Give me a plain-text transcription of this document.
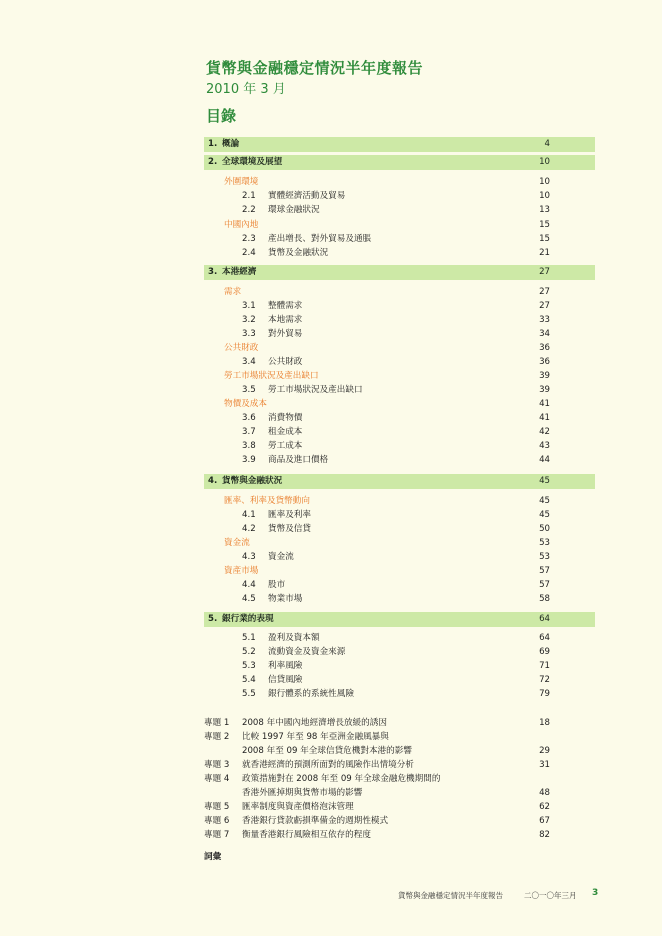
貨幣與金融穩定情況半年度報告
2010 年 3 月
目錄
1. 概論	4
2. 全球環境及展望	10
外圍環境	10
2.1 實體經濟活動及貿易	10
2.2 環球金融狀況	13
中國內地	15
2.3 產出增長、對外貿易及通脹	15
2.4 貨幣及金融狀況	21
3. 本港經濟	27
需求	27
3.1 整體需求	27
3.2 本地需求	33
3.3 對外貿易	34
公共財政	36
3.4 公共財政	36
勞工市場狀況及產出缺口	39
3.5 勞工市場狀況及產出缺口	39
物價及成本	41
3.6 消費物價	41
3.7 租金成本	42
3.8 勞工成本	43
3.9 商品及進口價格	44
4. 貨幣與金融狀況	45
匯率、利率及貨幣動向	45
4.1 匯率及利率	45
4.2 貨幣及信貸	50
資金流	53
4.3 資金流	53
資產市場	57
4.4 股市	57
4.5 物業市場	58
5. 銀行業的表現	64
5.1 盈利及資本額	64
5.2 流動資金及資金來源	69
5.3 利率風險	71
5.4 信貸風險	72
5.5 銀行體系的系統性風險	79
專題 1 2008 年中國內地經濟增長放緩的誘因	18
專題 2 比較 1997 年至 98 年亞洲金融風暴與
2008 年至 09 年全球信貸危機對本港的影響	29
專題 3 就香港經濟的預測所面對的風險作出情境分析	31
專題 4 政策措施對在 2008 年至 09 年全球金融危機期間的
香港外匯掉期與貨幣市場的影響	48
專題 5 匯率制度與資產價格泡沫管理	62
專題 6 香港銀行貸款虧損準備金的週期性模式	67
專題 7 衡量香港銀行風險相互依存的程度	82
詞彙
貨幣與金融穩定情況半年度報告	二〇一〇年三月 3
